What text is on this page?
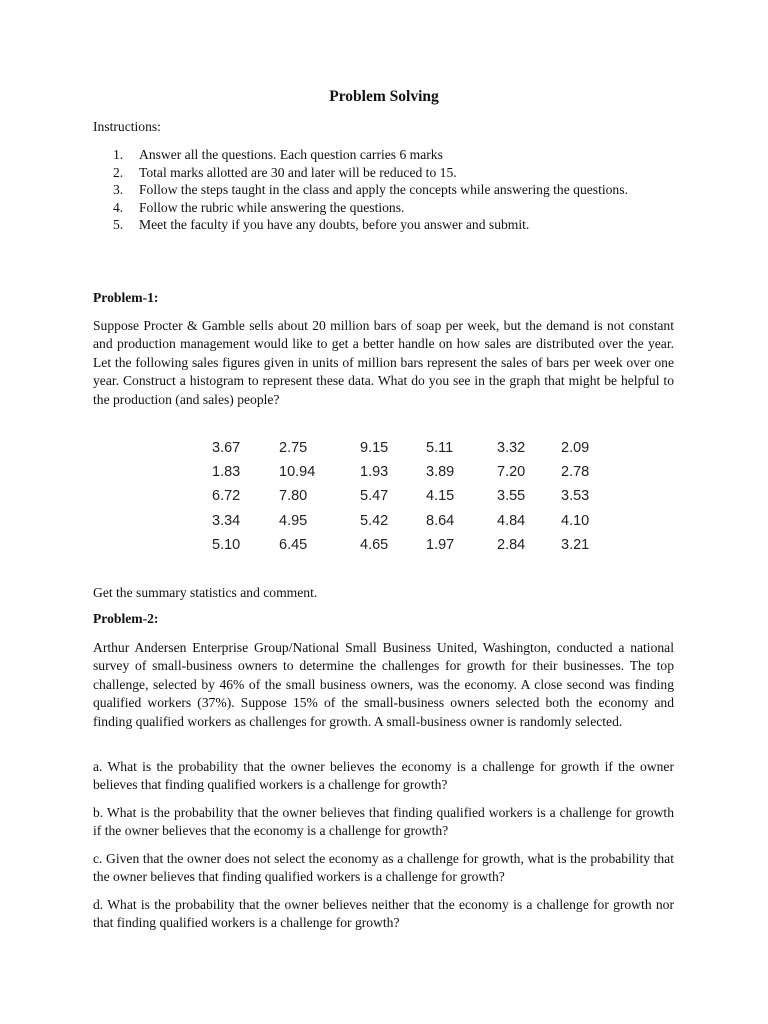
Problem Solving
Instructions:
1. Answer all the questions. Each question carries 6 marks
2. Total marks allotted are 30 and later will be reduced to 15.
3. Follow the steps taught in the class and apply the concepts while answering the questions.
4. Follow the rubric while answering the questions.
5. Meet the faculty if you have any doubts, before you answer and submit.
Problem-1:

Suppose Procter & Gamble sells about 20 million bars of soap per week, but the demand is not constant and production management would like to get a better handle on how sales are distributed over the year. Let the following sales figures given in units of million bars represent the sales of bars per week over one year. Construct a histogram to represent these data. What do you see in the graph that might be helpful to the production (and sales) people?

3.67	2.75	9.15	5.11	3.32	2.09
1.83	10.94	1.93	3.89	7.20	2.78
6.72	7.80	5.47	4.15	3.55	3.53
3.34	4.95	5.42	8.64	4.84	4.10
5.10	6.45	4.65	1.97	2.84	3.21

Get the summary statistics and comment.

Problem-2:

Arthur Andersen Enterprise Group/National Small Business United, Washington, conducted a national survey of small-business owners to determine the challenges for growth for their businesses. The top challenge, selected by 46% of the small business owners, was the economy. A close second was finding qualified workers (37%). Suppose 15% of the small-business owners selected both the economy and finding qualified workers as challenges for growth. A small-business owner is randomly selected.

a. What is the probability that the owner believes the economy is a challenge for growth if the owner believes that finding qualified workers is a challenge for growth?

b. What is the probability that the owner believes that finding qualified workers is a challenge for growth if the owner believes that the economy is a challenge for growth?

c. Given that the owner does not select the economy as a challenge for growth, what is the probability that the owner believes that finding qualified workers is a challenge for growth?

d. What is the probability that the owner believes neither that the economy is a challenge for growth nor that finding qualified workers is a challenge for growth?
